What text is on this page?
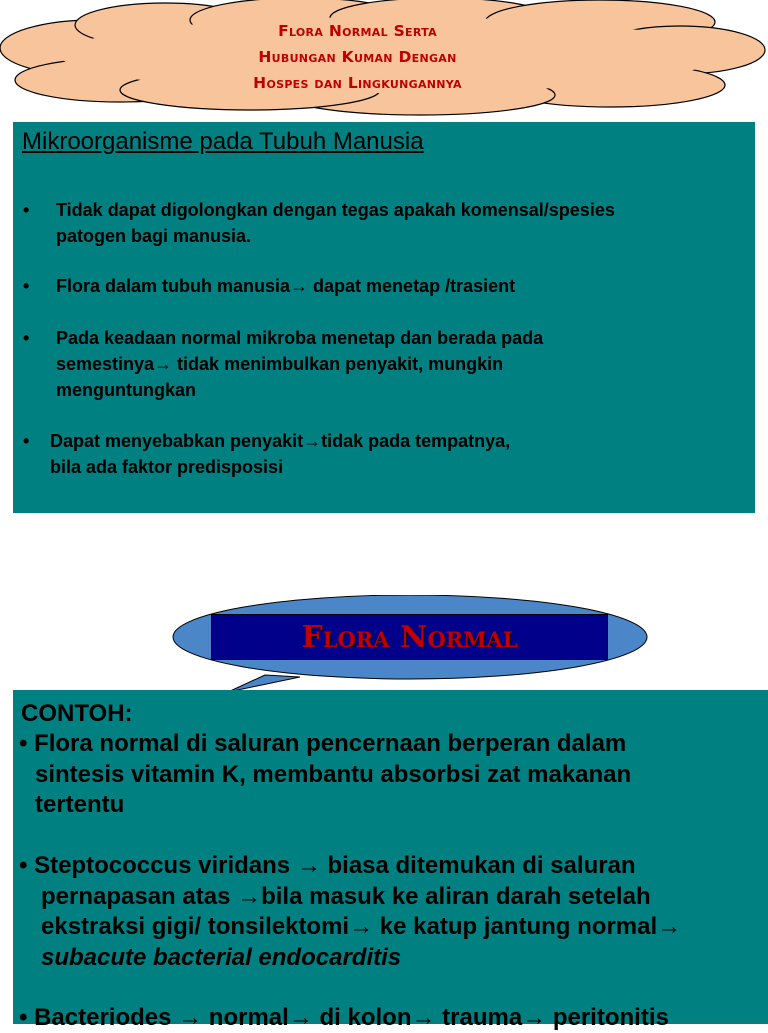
Flora Normal Serta
Hubungan Kuman Dengan
Hospes dan Lingkungannya
Mikroorganisme pada Tubuh Manusia
• Tidak dapat digolongkan dengan tegas apakah komensal/spesies
patogen bagi manusia.
• Flora dalam tubuh manusia→ dapat menetap /trasient
• Pada keadaan normal mikroba menetap dan berada pada
semestinya→ tidak menimbulkan penyakit, mungkin
menguntungkan
• Dapat menyebabkan penyakit→tidak pada tempatnya,
bila ada faktor predisposisi
Flora Normal
CONTOH:
• Flora normal di saluran pencernaan berperan dalam
sintesis vitamin K, membantu absorbsi zat makanan
tertentu
• Steptococcus viridans → biasa ditemukan di saluran
pernapasan atas →bila masuk ke aliran darah setelah
ekstraksi gigi/ tonsilektomi→ ke katup jantung normal→
subacute bacterial endocarditis
• Bacteriodes → normal→ di kolon→ trauma→ peritonitis
